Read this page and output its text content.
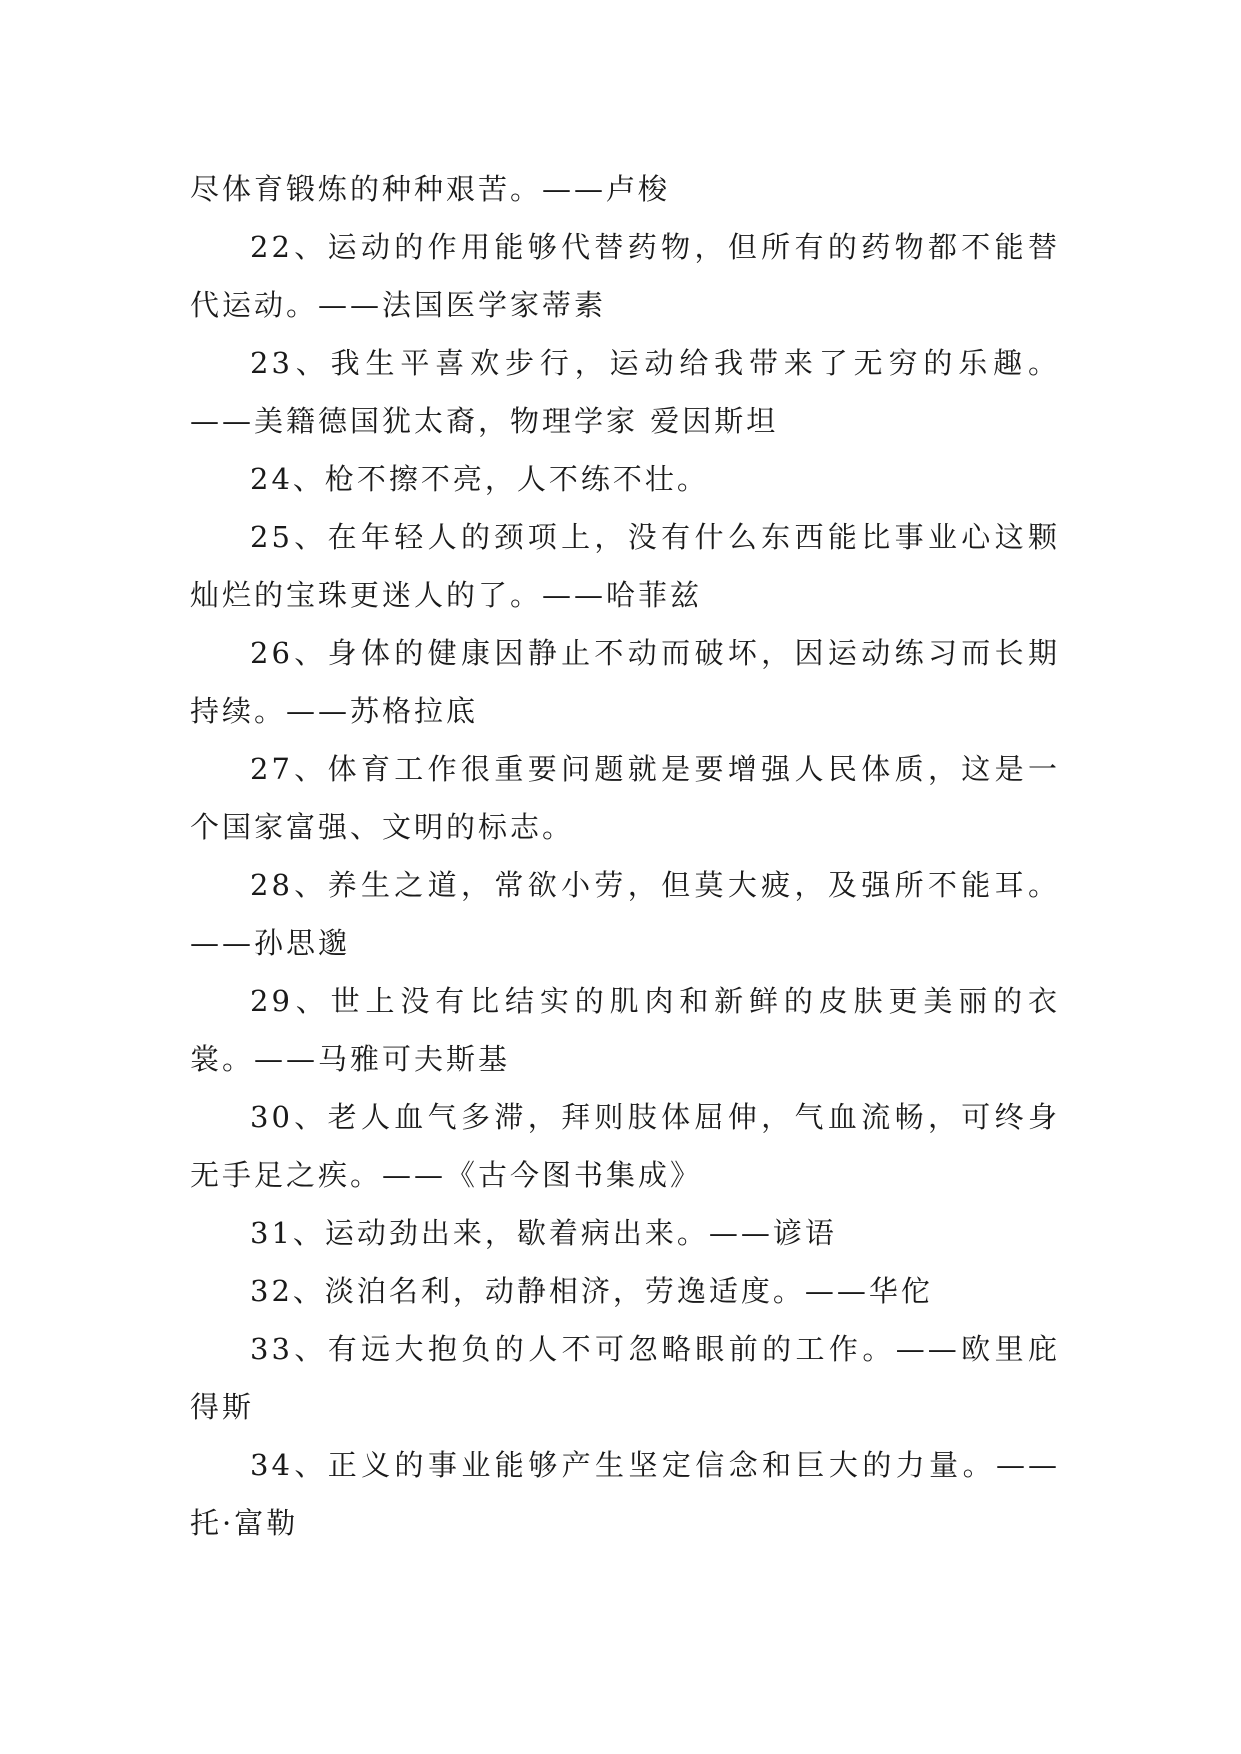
尽体育锻炼的种种艰苦。——卢梭

22、运动的作用能够代替药物，但所有的药物都不能替代运动。——法国医学家蒂素

23、我生平喜欢步行，运动给我带来了无穷的乐趣。——美籍德国犹太裔，物理学家 爱因斯坦

24、枪不擦不亮，人不练不壮。

25、在年轻人的颈项上，没有什么东西能比事业心这颗灿烂的宝珠更迷人的了。——哈菲兹

26、身体的健康因静止不动而破坏，因运动练习而长期持续。——苏格拉底

27、体育工作很重要问题就是要增强人民体质，这是一个国家富强、文明的标志。

28、养生之道，常欲小劳，但莫大疲，及强所不能耳。——孙思邈

29、世上没有比结实的肌肉和新鲜的皮肤更美丽的衣裳。——马雅可夫斯基

30、老人血气多滞，拜则肢体屈伸，气血流畅，可终身无手足之疾。——《古今图书集成》

31、运动劲出来，歇着病出来。——谚语

32、淡泊名利，动静相济，劳逸适度。——华佗

33、有远大抱负的人不可忽略眼前的工作。——欧里庇得斯

34、正义的事业能够产生坚定信念和巨大的力量。——托·富勒
